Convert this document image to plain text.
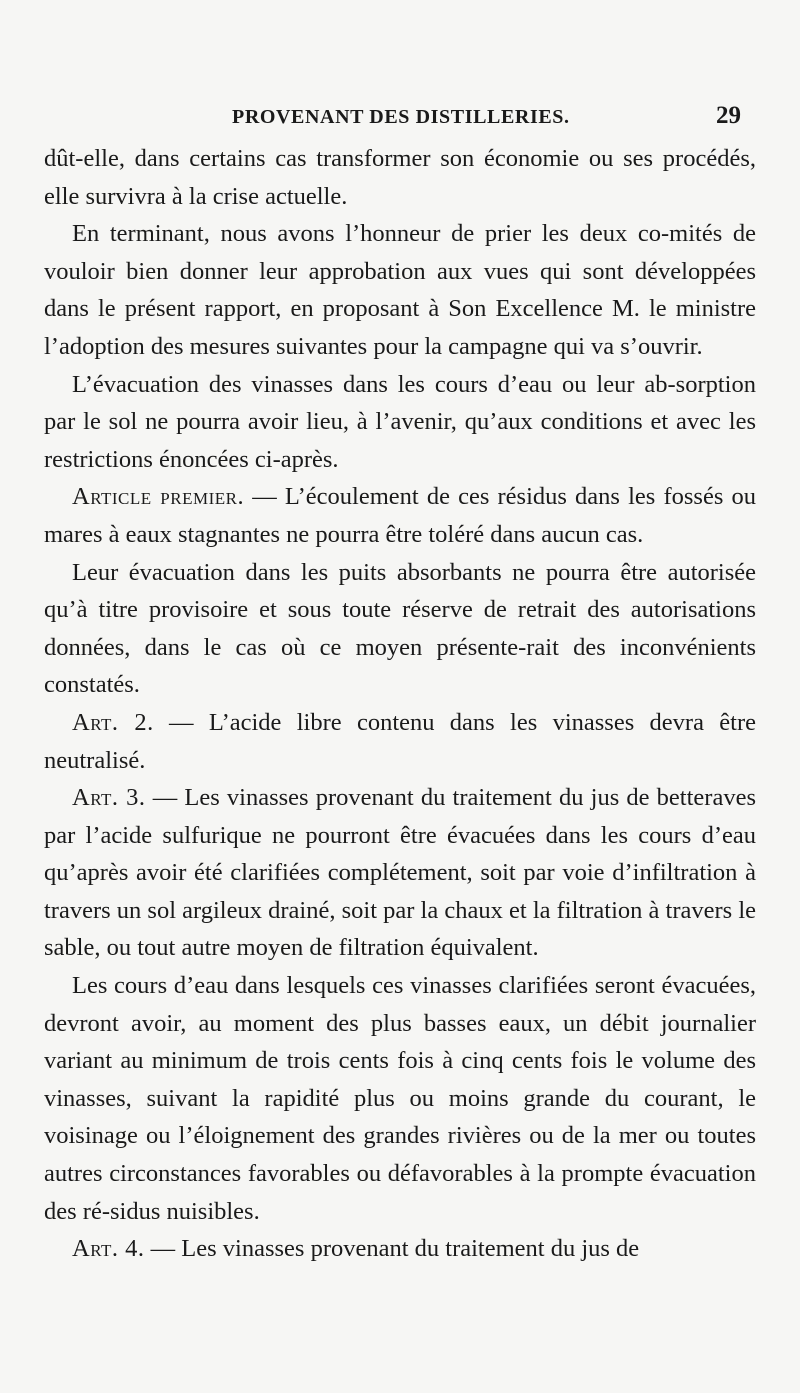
PROVENANT DES DISTILLERIES.	29

dût-elle, dans certains cas transformer son économie ou ses procédés, elle survivra à la crise actuelle.

En terminant, nous avons l’honneur de prier les deux co-mités de vouloir bien donner leur approbation aux vues qui sont développées dans le présent rapport, en proposant à Son Excellence M. le ministre l’adoption des mesures suivantes pour la campagne qui va s’ouvrir.

L’évacuation des vinasses dans les cours d’eau ou leur ab-sorption par le sol ne pourra avoir lieu, à l’avenir, qu’aux conditions et avec les restrictions énoncées ci-après.

Article premier. — L’écoulement de ces résidus dans les fossés ou mares à eaux stagnantes ne pourra être toléré dans aucun cas.

Leur évacuation dans les puits absorbants ne pourra être autorisée qu’à titre provisoire et sous toute réserve de retrait des autorisations données, dans le cas où ce moyen présente-rait des inconvénients constatés.

Art. 2. — L’acide libre contenu dans les vinasses devra être neutralisé.

Art. 3. — Les vinasses provenant du traitement du jus de betteraves par l’acide sulfurique ne pourront être évacuées dans les cours d’eau qu’après avoir été clarifiées complétement, soit par voie d’infiltration à travers un sol argileux drainé, soit par la chaux et la filtration à travers le sable, ou tout autre moyen de filtration équivalent.

Les cours d’eau dans lesquels ces vinasses clarifiées seront évacuées, devront avoir, au moment des plus basses eaux, un débit journalier variant au minimum de trois cents fois à cinq cents fois le volume des vinasses, suivant la rapidité plus ou moins grande du courant, le voisinage ou l’éloignement des grandes rivières ou de la mer ou toutes autres circonstances favorables ou défavorables à la prompte évacuation des ré-sidus nuisibles.

Art. 4. — Les vinasses provenant du traitement du jus de
